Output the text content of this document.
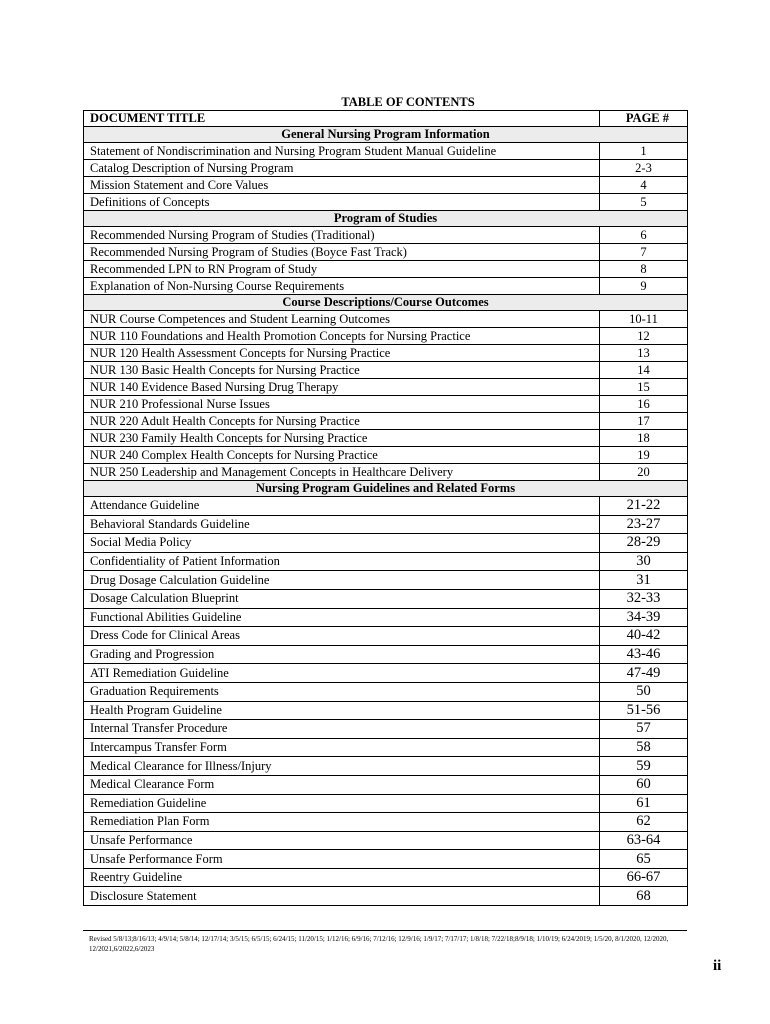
TABLE OF CONTENTS
DOCUMENT TITLE	PAGE #
General Nursing Program Information	
Statement of Nondiscrimination and Nursing Program Student Manual Guideline	1
Catalog Description of Nursing Program	2-3
Mission Statement and Core Values	4
Definitions of Concepts	5
Program of Studies	
Recommended Nursing Program of Studies (Traditional)	6
Recommended Nursing Program of Studies (Boyce Fast Track)	7
Recommended LPN to RN Program of Study	8
Explanation of Non-Nursing Course Requirements	9
Course Descriptions/Course Outcomes	
NUR Course Competences and Student Learning Outcomes	10-11
NUR 110 Foundations and Health Promotion Concepts for Nursing Practice	12
NUR 120 Health Assessment Concepts for Nursing Practice	13
NUR 130 Basic Health Concepts for Nursing Practice	14
NUR 140 Evidence Based Nursing Drug Therapy	15
NUR 210 Professional Nurse Issues	16
NUR 220 Adult Health Concepts for Nursing Practice	17
NUR 230 Family Health Concepts for Nursing Practice	18
NUR 240 Complex Health Concepts for Nursing Practice	19
NUR 250 Leadership and Management Concepts in Healthcare Delivery	20
Nursing Program Guidelines and Related Forms	
Attendance Guideline	21-22
Behavioral Standards Guideline	23-27
Social Media Policy	28-29
Confidentiality of Patient Information	30
Drug Dosage Calculation Guideline	31
Dosage Calculation Blueprint	32-33
Functional Abilities Guideline	34-39
Dress Code for Clinical Areas	40-42
Grading and Progression	43-46
ATI Remediation Guideline	47-49
Graduation Requirements	50
Health Program Guideline	51-56
Internal Transfer Procedure	57
Intercampus Transfer Form	58
Medical Clearance for Illness/Injury	59
Medical Clearance Form	60
Remediation Guideline	61
Remediation Plan Form	62
Unsafe Performance	63-64
Unsafe Performance Form	65
Reentry Guideline	66-67
Disclosure Statement	68
Revised 5/8/13;8/16/13; 4/9/14; 5/8/14; 12/17/14; 3/5/15; 6/5/15; 6/24/15; 11/20/15; 1/12/16; 6/9/16; 7/12/16; 12/9/16; 1/9/17; 7/17/17; 1/8/18; 7/22/18;8/9/18; 1/10/19; 6/24/2019; 1/5/20, 8/1/2020, 12/2020, 12/2021,6/2022,6/2023
ii
